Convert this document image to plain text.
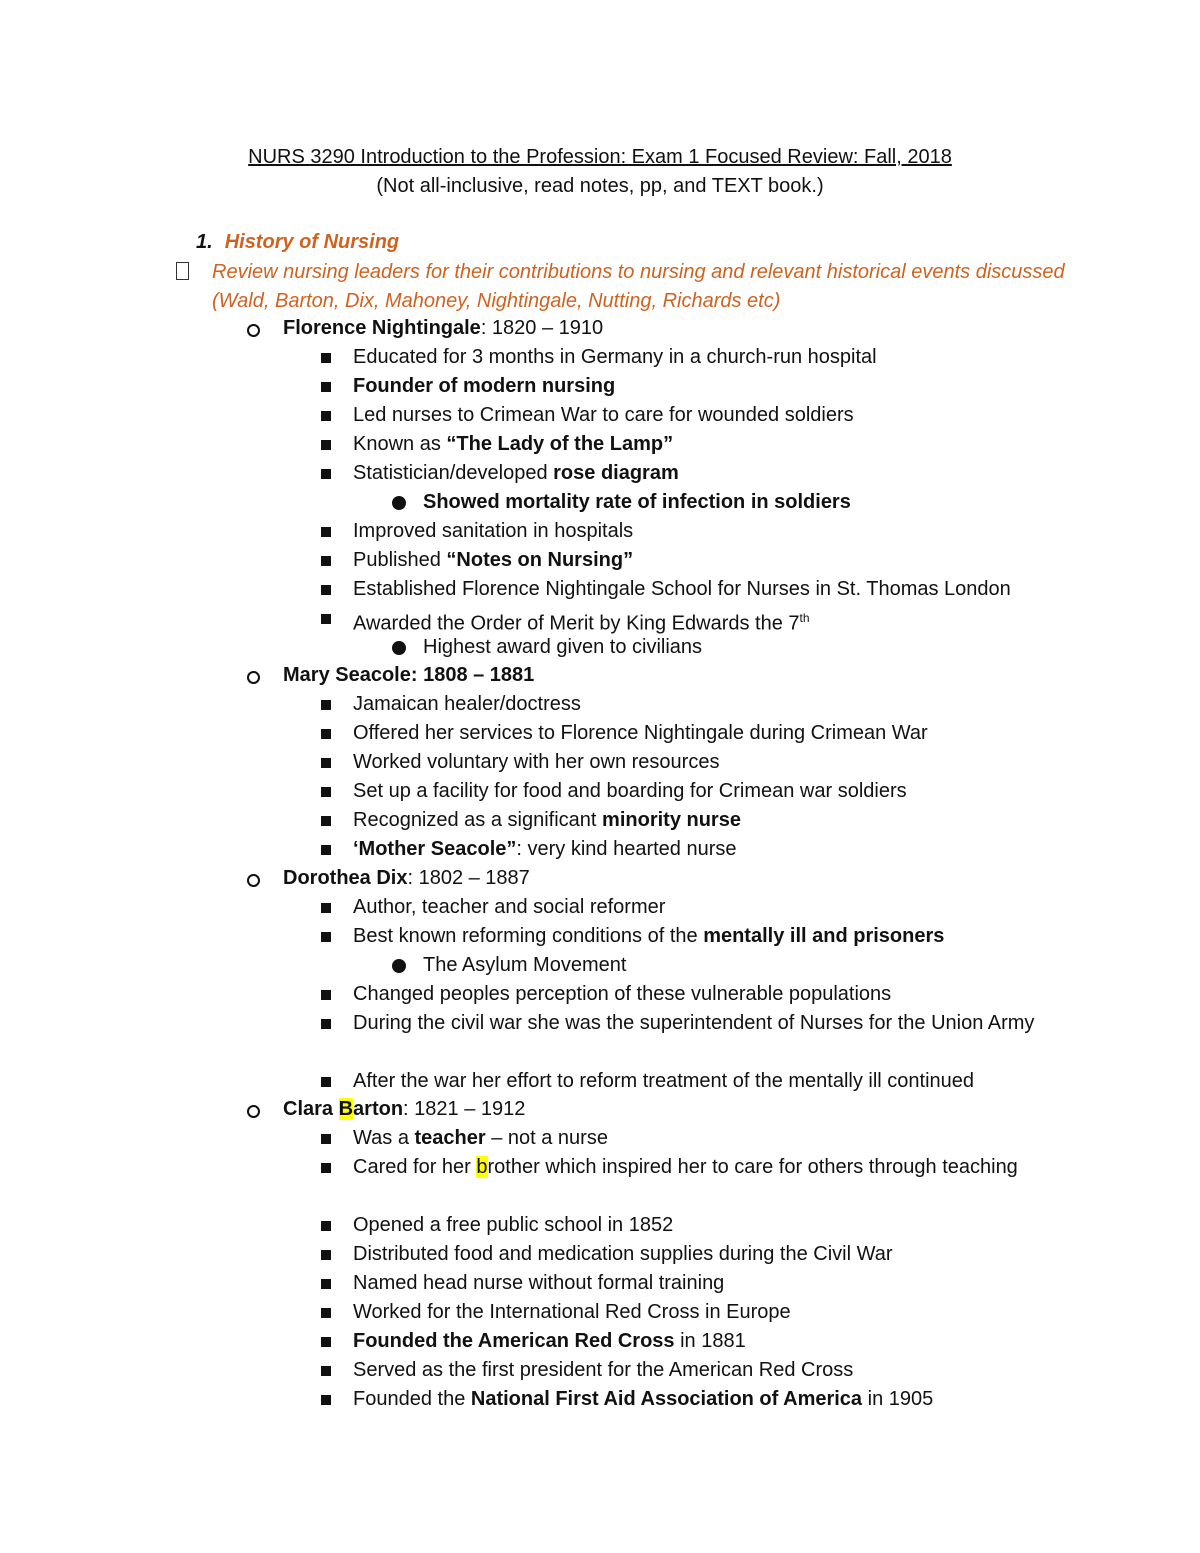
NURS 3290 Introduction to the Profession: Exam 1 Focused Review: Fall, 2018
(Not all-inclusive, read notes, pp, and TEXT book.)
1. History of Nursing
Review nursing leaders for their contributions to nursing and relevant historical events discussed (Wald, Barton, Dix, Mahoney, Nightingale, Nutting, Richards etc)
Florence Nightingale: 1820 – 1910
Educated for 3 months in Germany in a church-run hospital
Founder of modern nursing
Led nurses to Crimean War to care for wounded soldiers
Known as “The Lady of the Lamp”
Statistician/developed rose diagram
Showed mortality rate of infection in soldiers
Improved sanitation in hospitals
Published “Notes on Nursing”
Established Florence Nightingale School for Nurses in St. Thomas London
Awarded the Order of Merit by King Edwards the 7th
Highest award given to civilians
Mary Seacole: 1808 – 1881
Jamaican healer/doctress
Offered her services to Florence Nightingale during Crimean War
Worked voluntary with her own resources
Set up a facility for food and boarding for Crimean war soldiers
Recognized as a significant minority nurse
‘Mother Seacole”: very kind hearted nurse
Dorothea Dix: 1802 – 1887
Author, teacher and social reformer
Best known reforming conditions of the mentally ill and prisoners
The Asylum Movement
Changed peoples perception of these vulnerable populations
During the civil war she was the superintendent of Nurses for the Union Army
After the war her effort to reform treatment of the mentally ill continued
Clara Barton: 1821 – 1912
Was a teacher – not a nurse
Cared for her brother which inspired her to care for others through teaching
Opened a free public school in 1852
Distributed food and medication supplies during the Civil War
Named head nurse without formal training
Worked for the International Red Cross in Europe
Founded the American Red Cross in 1881
Served as the first president for the American Red Cross
Founded the National First Aid Association of America in 1905
